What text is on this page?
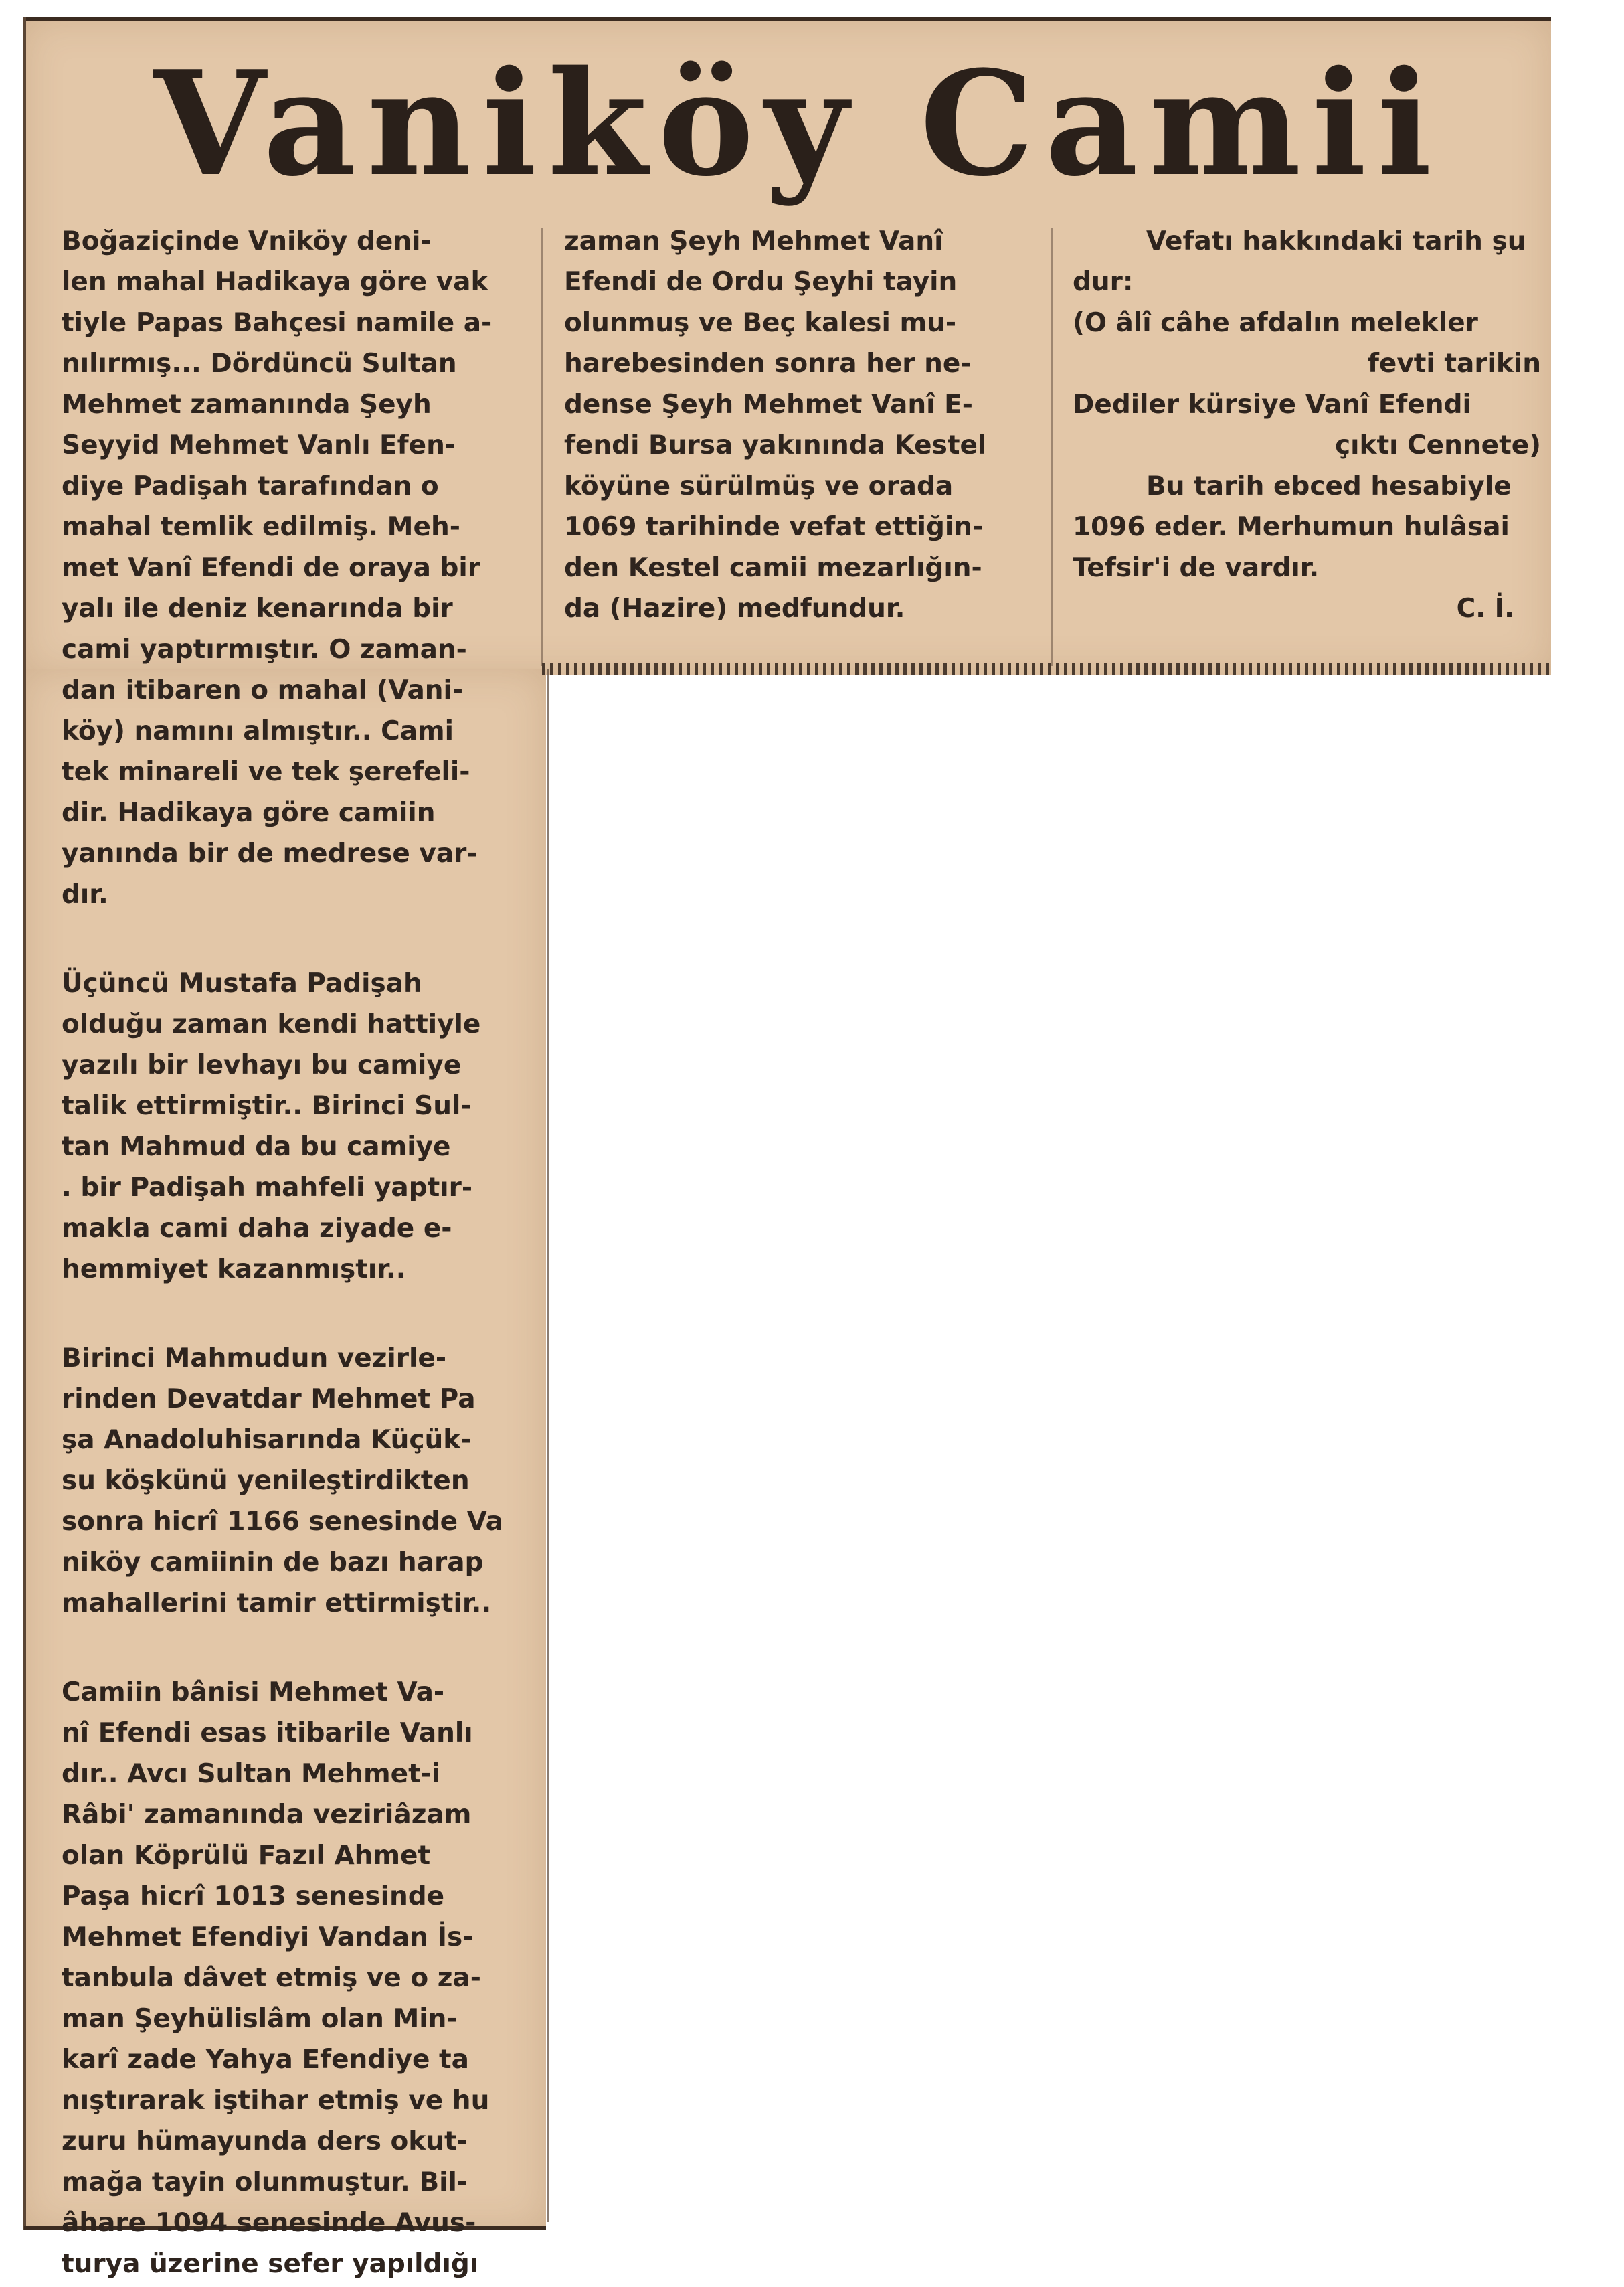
Vaniköy Camii

Boğaziçinde Vniköy deni-

len mahal Hadikaya göre vak

tiyle Papas Bahçesi namile a-

nılırmış... Dördüncü Sultan

Mehmet zamanında Şeyh

Seyyid Mehmet Vanlı Efen-

diye Padişah tarafından o

mahal temlik edilmiş. Meh-

met Vanî Efendi de oraya bir

yalı ile deniz kenarında bir

cami yaptırmıştır. O zaman-

dan itibaren o mahal (Vani-

köy) namını almıştır.. Cami

tek minareli ve tek şerefeli-

dir. Hadikaya göre camiin

yanında bir de medrese var-

dır.

Üçüncü Mustafa Padişah

olduğu zaman kendi hattiyle

yazılı bir levhayı bu camiye

talik ettirmiştir.. Birinci Sul-

tan Mahmud da bu camiye

. bir Padişah mahfeli yaptır-

makla cami daha ziyade e-

hemmiyet kazanmıştır..

Birinci Mahmudun vezirle-

rinden Devatdar Mehmet Pa

şa Anadoluhisarında Küçük-

su köşkünü yenileştirdikten

sonra hicrî 1166 senesinde Va

niköy camiinin de bazı harap

mahallerini tamir ettirmiştir..

Camiin bânisi Mehmet Va-

nî Efendi esas itibarile Vanlı

dır.. Avcı Sultan Mehmet-i

Râbi' zamanında veziriâzam

olan Köprülü Fazıl Ahmet

Paşa hicrî 1013 senesinde

Mehmet Efendiyi Vandan İs-

tanbula dâvet etmiş ve o za-

man Şeyhülislâm olan Min-

karî zade Yahya Efendiye ta

nıştırarak iştihar etmiş ve hu

zuru hümayunda ders okut-

mağa tayin olunmuştur. Bil-

âhare 1094 senesinde Avus-

turya üzerine sefer yapıldığı

zaman Şeyh Mehmet Vanî

Efendi de Ordu Şeyhi tayin

olunmuş ve Beç kalesi mu-

harebesinden sonra her ne-

dense Şeyh Mehmet Vanî E-

fendi Bursa yakınında Kestel

köyüne sürülmüş ve orada

1069 tarihinde vefat ettiğin-

den Kestel camii mezarlığın-

da (Hazire) medfundur.

Vefatı hakkındaki tarih şu

dur:

(O âlî câhe afdalın melekler

fevti tarikin

Dediler kürsiye Vanî Efendi

çıktı Cennete)

Bu tarih ebced hesabiyle

1096 eder. Merhumun hulâsai

Tefsir'i de vardır.

C. İ.
